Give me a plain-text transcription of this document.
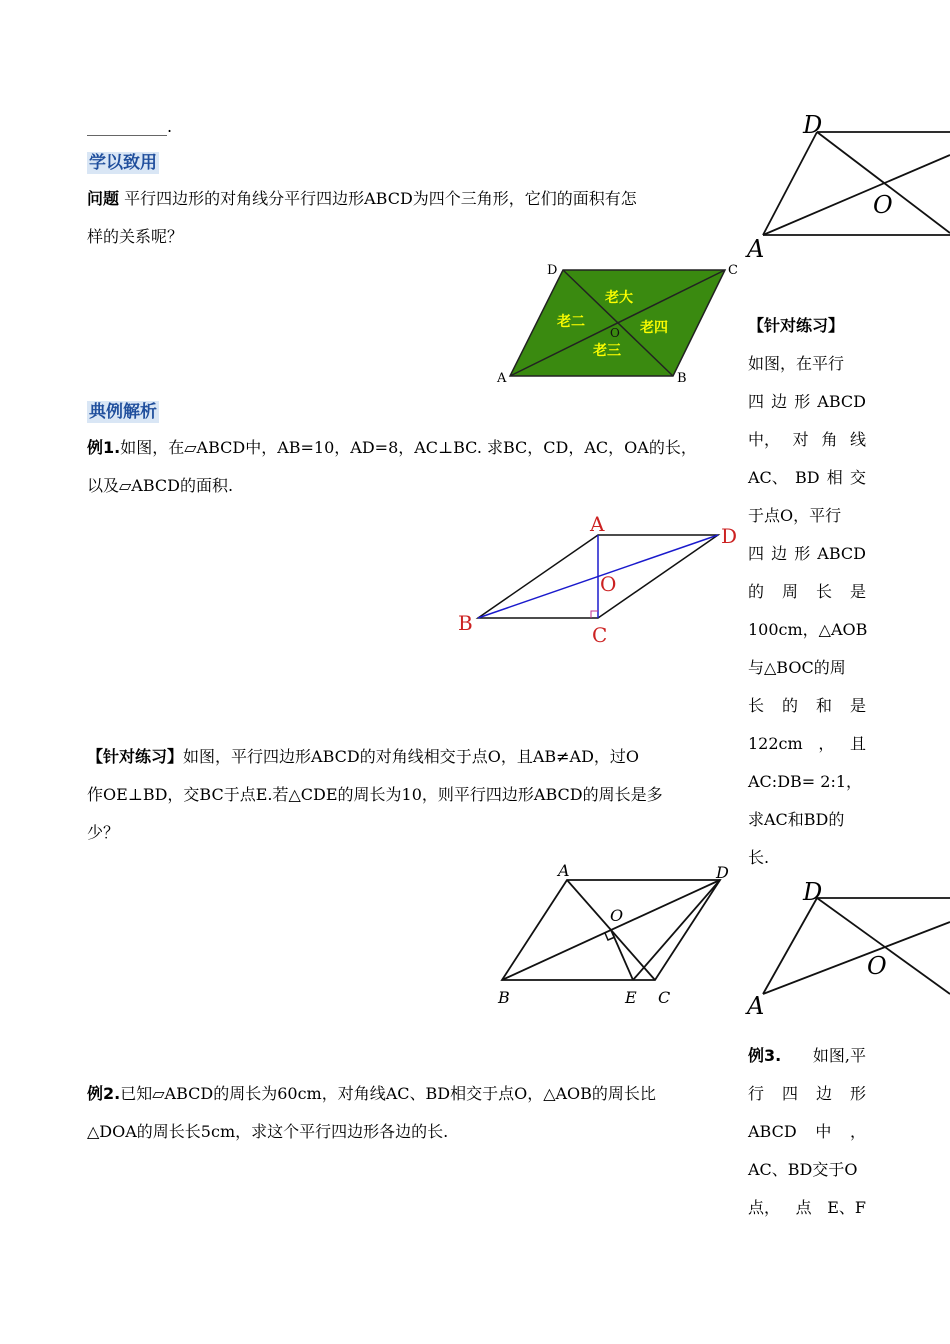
__________.
学以致用
问题 平行四边形的对角线分平行四边形ABCD为四个三角形，它们的面积有怎
样的关系呢？
D	C
A	B
O
老大
老二	老四
老三
典例解析
例1.如图，在▱ABCD中，AB=10，AD=8，AC⊥BC. 求BC，CD，AC，OA的长，
以及▱ABCD的面积.
A	D
O
B	C
【针对练习】如图，平行四边形ABCD的对角线相交于点O，且AB≠AD，过O
作OE⊥BD，交BC于点E.若△CDE的周长为10，则平行四边形ABCD的周长是多
少？
A	D
O
B	E C
例2.已知▱ABCD的周长为60cm，对角线AC、BD相交于点O，△AOB的周长比
△DOA的周长长5cm，求这个平行四边形各边的长.
D
O
A
【针对练习】
如图，在平行
四 边 形 ABCD
中， 对 角 线
AC、 BD 相 交
于点O，平行
四 边 形 ABCD
的 周 长 是
100cm，△AOB
与△BOC的周
长 的 和 是
122cm ， 且
AC:DB= 2:1，
求AC和BD的
长.
D
O
A
例3. 如图,平
行 四 边 形
ABCD 中 ，
AC、BD交于O
点， 点 E、F
